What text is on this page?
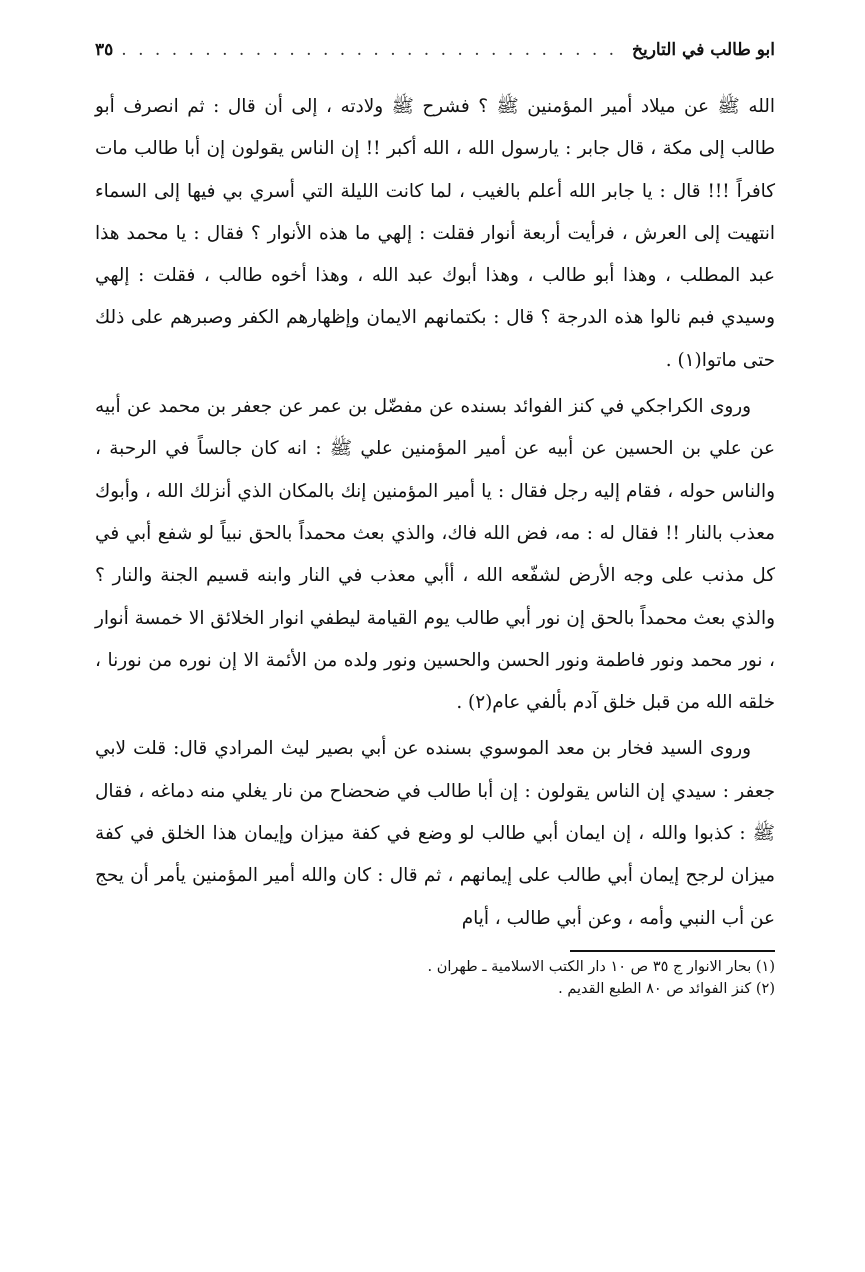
ابو طالب في التاريخ
. . .
٣٥

الله ﷺ عن ميلاد أمير المؤمنين ﷺ ؟ فشرح ﷺ ولادته ، إلى أن قال : ثم انصرف أبو طالب إلى مكة ، قال جابر : يارسول الله ، الله أكبر !! إن الناس يقولون إن أبا طالب مات كافراً !!! قال : يا جابر الله أعلم بالغيب ، لما كانت الليلة التي أسري بي فيها إلى السماء انتهيت إلى العرش ، فرأيت أربعة أنوار فقلت : إلهي ما هذه الأنوار ؟ فقال : يا محمد هذا عبد المطلب ، وهذا أبو طالب ، وهذا أبوك عبد الله ، وهذا أخوه طالب ، فقلت : إلهي وسيدي فبم نالوا هذه الدرجة ؟ قال : بكتمانهم الايمان وإظهارهم الكفر وصبرهم على ذلك حتى ماتوا(١) .

وروى الكراجكي في كنز الفوائد بسنده عن مفضّل بن عمر عن جعفر بن محمد عن أبيه عن علي بن الحسين عن أبيه عن أمير المؤمنين علي ﷺ : انه كان جالساً في الرحبة ، والناس حوله ، فقام إليه رجل فقال : يا أمير المؤمنين إنك بالمكان الذي أنزلك الله ، وأبوك معذب بالنار !! فقال له : مه، فض الله فاك، والذي بعث محمداً بالحق نبياً لو شفع أبي في كل مذنب على وجه الأرض لشفّعه الله ، أأبي معذب في النار وابنه قسيم الجنة والنار ؟ والذي بعث محمداً بالحق إن نور أبي طالب يوم القيامة ليطفي انوار الخلائق الا خمسة أنوار ، نور محمد ونور فاطمة ونور الحسن والحسين ونور ولده من الأئمة الا إن نوره من نورنا ، خلقه الله من قبل خلق آدم بألفي عام(٢) .

وروى السيد فخار بن معد الموسوي بسنده عن أبي بصير ليث المرادي قال: قلت لابي جعفر : سيدي إن الناس يقولون : إن أبا طالب في ضحضاح من نار يغلي منه دماغه ، فقال ﷺ : كذبوا والله ، إن ايمان أبي طالب لو وضع في كفة ميزان وإيمان هذا الخلق في كفة ميزان لرجح إيمان أبي طالب على إيمانهم ، ثم قال : كان والله أمير المؤمنين يأمر أن يحج عن أب النبي وأمه ، وعن أبي طالب ، أيام

(١) بحار الانوار ج ٣٥ ص ١٠ دار الكتب الاسلامية ـ طهران .

(٢) كنز الفوائد ص ٨٠ الطبع القديم .
